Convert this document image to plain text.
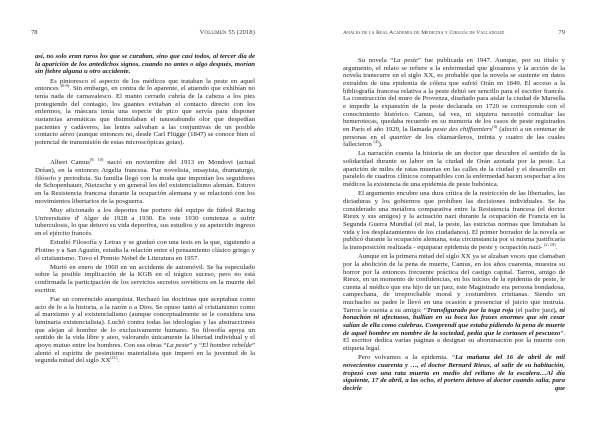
78	Volumen 55 (2018)

así, no solo eran raros los que se curaban, sino que casi todos, al tercer día de la aparición de los antedichos signos, cuando no antes o algo después, morían sin fiebre alguna u otro accidente.

Es pintoresco el aspecto de los médicos que trataban la peste en aquel entonces $^{(6-9)}$. Sin embargo, en contra de lo aparente, el atuendo que exhibían no tenía nada de carnavalesco. El manto cerrado cubría de la cabeza a los pies protegiendo del contagio, los guantes evitaban el contacto directo con los enfermos, la máscara tenía una especie de pico que servía para disponer sustancias aromáticas que disimulaban el nauseabundo olor que despedían pacientes y cadáveres, las lentes salvaban a las conjuntivas de un posible contacto aéreo (aunque entonces no, desde Carl Flügge (1847) se conoce bien el potencial de transmisión de estas microscópicas gotas).

Albert Camus$^{(9, 10)}$ nació en noviembre del 1913 en Mondovi (actual Dréan), en la entonces Argelia francesa. Fue novelista, ensayista, dramaturgo, filósofo y periodista. Su familia llegó con la moda que imponían los seguidores de Schopenhauer, Nietzsche y en general los del existencialismo alemán. Estuvo en la Resistencia francesa durante la ocupación alemana y se relacionó con los movimientos libertarios de la posguerra.

Muy aficionado a los deportes fue portero del equipo de fútbol Racing Universitaire d' Alger de 1928 a 1930. En este 1930 comienza a sufrir tuberculosis, lo que detuvo su vida deportiva, sus estudios y su apetecido ingreso en el ejército francés.

Estudió Filosofía y Letras y se graduó con una tesis en la que, siguiendo a Plotino y a San Agustín, estudia la relación entre el pensamiento clásico griego y el cristianismo. Tuvo el Premio Nobel de Literatura en 1957.

Murió en enero de 1960 en un accidente de automóvil. Se ha especulado sobre la posible implicación de la KGB en el trágico suceso, pero no está confirmada la participación de los servicios secretos soviéticos en la muerte del escritor.

Fue un convencido anarquista. Rechazó las doctrinas que aceptaban como acto de fe a la historia, a la razón o a Dios. Se opuso tanto al cristianismo como al marxismo y al existencialismo (aunque conceptualmente se le considera una luminaria existencialista). Luchó contra todas las ideologías y las abstracciones que alejan al hombre de lo exclusivamente humano. Su filosofía apoya un sentido de la vida libre y ateo, valorando únicamente la libertad individual y el apoyo mutuo entre los hombres. Con sus obras “La peste” y “El hombre rebelde” alentó el espíritu de pesimismo materialista que imperó en la juventud de la segunda mitad del siglo XX$^{(11)}$.

Anales de la Real Academia de Medicina y Cirugía de Valladolid	79

Su novela “La peste” fue publicada en 1947. Aunque, por su título y argumento, el relato se refiere a la enfermedad que glosamos y la acción de la novela transcurre en el siglo XX, es probable que la novela se sustente en datos extraídos de una epidemia de cólera que sufrió Orán en 1849. El acceso a la bibliografía francesa relativa a la peste debió ser sencillo para el escritor francés. La construcción del muro de Provenza, diseñado para aislar la ciudad de Marsella e impedir la expansión de la peste declarada en 1720 se corresponde con el conocimiento histórico. Camus, tal vez, ni siquiera necesitó consultar las hemerotecas, quedaba recuerdo en su memoria de los casos de peste registrados en París el año 1920, la llamada peste des chiffonniers$^{(4)}$ (afectó a un centenar de personas en el quartier de los chamarileros, treinta y cuatro de las cuales fallecieron $^{(4)}$).

La narración cuenta la historia de un doctor que descubre el sentido de la solidaridad durante su labor en la ciudad de Orán azotada por la peste. La aparición de miles de ratas muertas en las calles de la ciudad y el desarrollo en paralelo de cuadros clínicos compatibles con la enfermedad hacen sospechar a los médicos la existencia de una epidemia de peste bubónica.

El argumento encubre una dura crítica de la restricción de las libertades, las dictaduras y los gobiernos que prohíben las decisiones individuales. Se ha considerado una metáfora comparativa entre la Resistencia francesa (el doctor Rieux y sus amigos) y la actuación nazi durante la ocupación de Francia en la Segunda Guerra Mundial (el mal, la peste, las estrictas normas que limitaban la vida y los desplazamientos de los ciudadanos). El primer borrador de la novela se publicó durante la ocupación alemana, esta circunstancia por sí misma justificaría la transposición realizada - equiparar epidemia de peste y ocupación nazi- $^{(2, 10)}$.

Aunque en la primera mitad del siglo XX ya se alzaban voces que clamaban por la abolición de la pena de muerte, Camus, en los años cuarenta, muestra su horror por la entonces frecuente práctica del castigo capital. Tarrou, amigo de Rieux, en un momento de confidencias, en los inicios de la epidemia de peste, le cuenta al médico que era hijo de un juez, este Magistrado era persona bondadosa, campechana, de irreprochable moral y costumbres cristianas. Siendo un muchacho su padre le llevó en una ocasión a presenciar el juicio que instruía. Tarrou le cuenta a su amigo: “Transfigurado por la toga roja (el padre juez), ni bonachón ni afectuoso, bullían en su boca las frases enormes que sin cesar salían de ella como culebras. Comprendí que estaba pidiendo la pena de muerte de aquel hombre en nombre de la sociedad, pedía que le cortasen el pescuezo”. El escritor dedica varias páginas a designar su abominación por la muerte con etiqueta legal.

Pero volvamos a la epidemia. “La mañana del 16 de abril de mil novecientos cuarenta y …, el doctor Bernard Rieux, al salir de su habitación, tropezó con una rata muerta en medio del rellano de la escalera…Al día siguiente, 17 de abril, a las ocho, el portero detuvo al doctor cuando salía, para decirle que
